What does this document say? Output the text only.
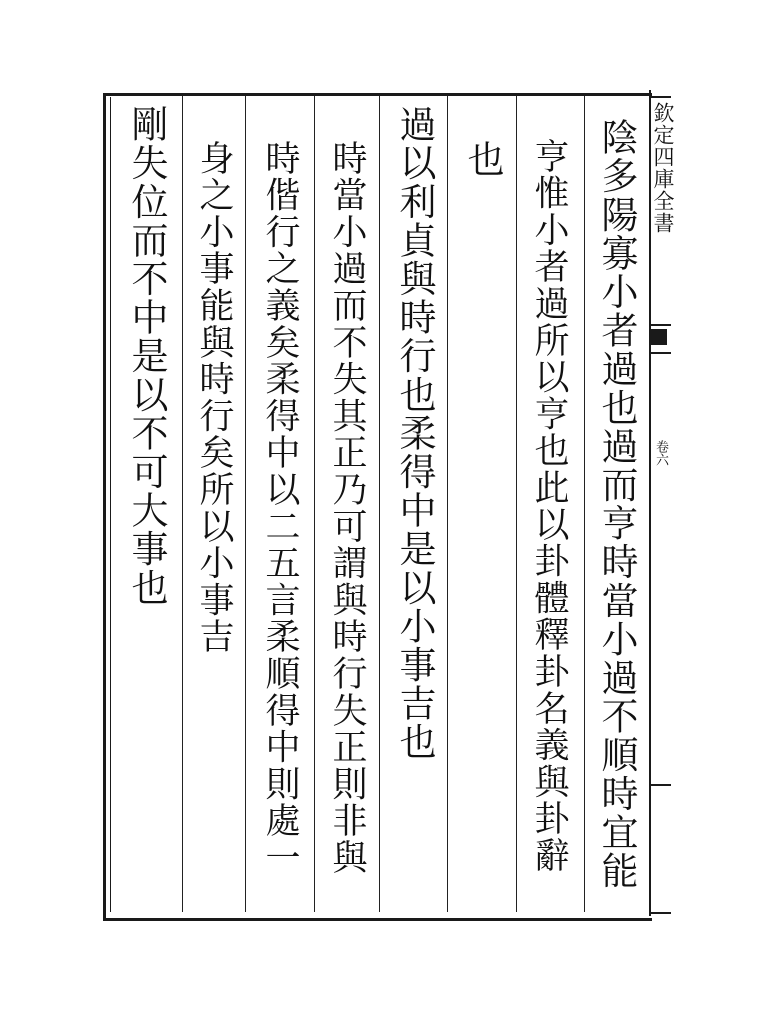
欽定四庫全書
卷六
陰多陽寡小者過也過而亨時當小過不順時宜能
亨惟小者過所以亨也此以卦體釋卦名義與卦辭
也
過以利貞與時行也柔得中是以小事吉也
時當小過而不失其正乃可謂與時行失正則非與
時偕行之義矣柔得中以二五言柔順得中則處一
身之小事能與時行矣所以小事吉
剛失位而不中是以不可大事也
